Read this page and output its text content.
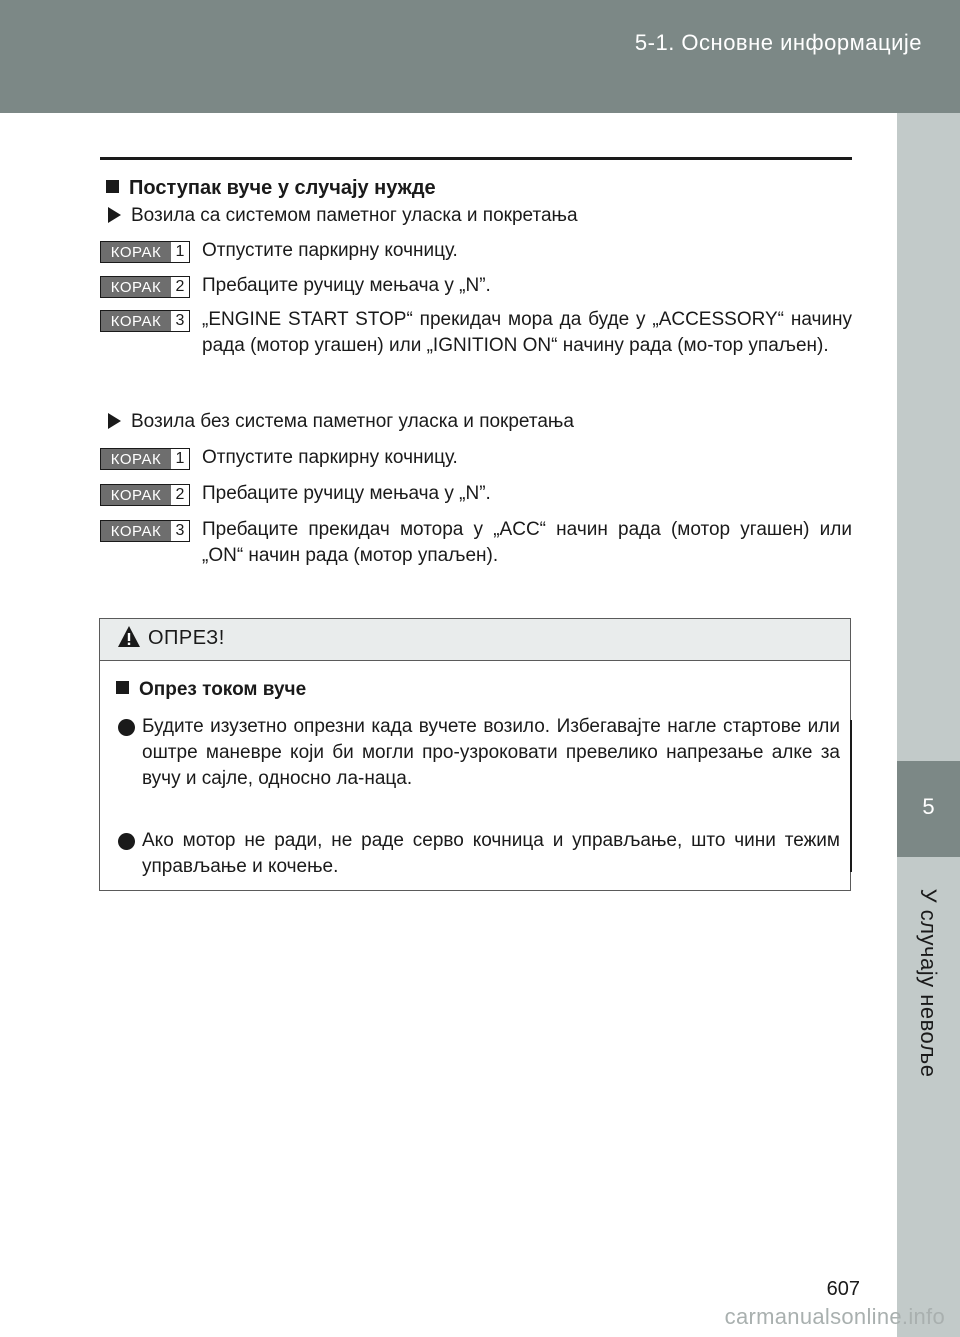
5-1. Основне информације
5
У случају невоље
Поступак вуче у случају нужде
Возила са системом паметног уласка и покретања
КОРАК 1 Отпустите паркирну кочницу.
КОРАК 2 Пребаците ручицу мењача у „N”.
КОРАК 3 „ENGINE START STOP“ прекидач мора да буде у „ACCESSORY“ начину рада (мотор угашен) или „IGNITION ON“ начину рада (мо-тор упаљен).
Возила без система паметног уласка и покретања
КОРАК 1 Отпустите паркирну кочницу.
КОРАК 2 Пребаците ручицу мењача у „N”.
КОРАК 3 Пребаците прекидач мотора у „ACC“ начин рада (мотор угашен) или „ON“ начин рада (мотор упаљен).
ОПРЕЗ!
Опрез током вуче
Будите изузетно опрезни када вучете возило. Избегавајте нагле стартове или оштре маневре који би могли про-узроковати превелико напрезање алке за вучу и сајле, односно ла-наца.
Ако мотор не ради, не раде серво кочница и управљање, што чини тежим управљање и кочење.
607
carmanualsonline.info
